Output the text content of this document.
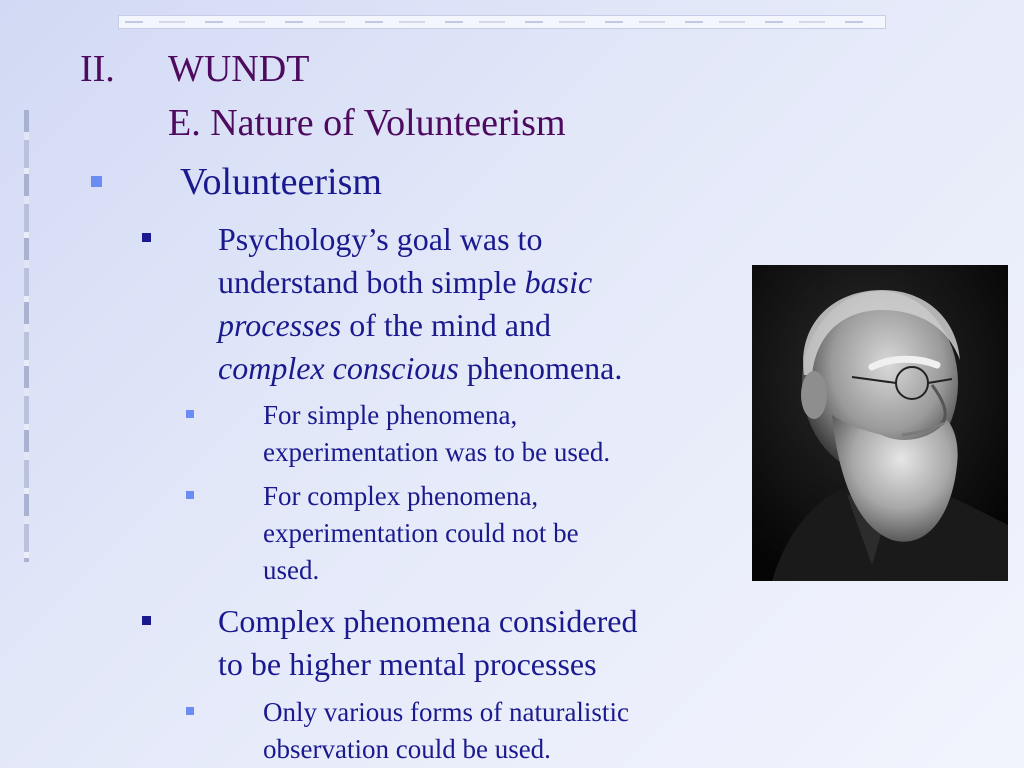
II. WUNDT
E. Nature of Volunteerism
Volunteerism
Psychology’s goal was to
understand both simple basic
processes of the mind and
complex conscious phenomena.
For simple phenomena,
experimentation was to be used.
For complex phenomena,
experimentation could not be
used.
Complex phenomena considered
to be higher mental processes
Only various forms of naturalistic
observation could be used.
